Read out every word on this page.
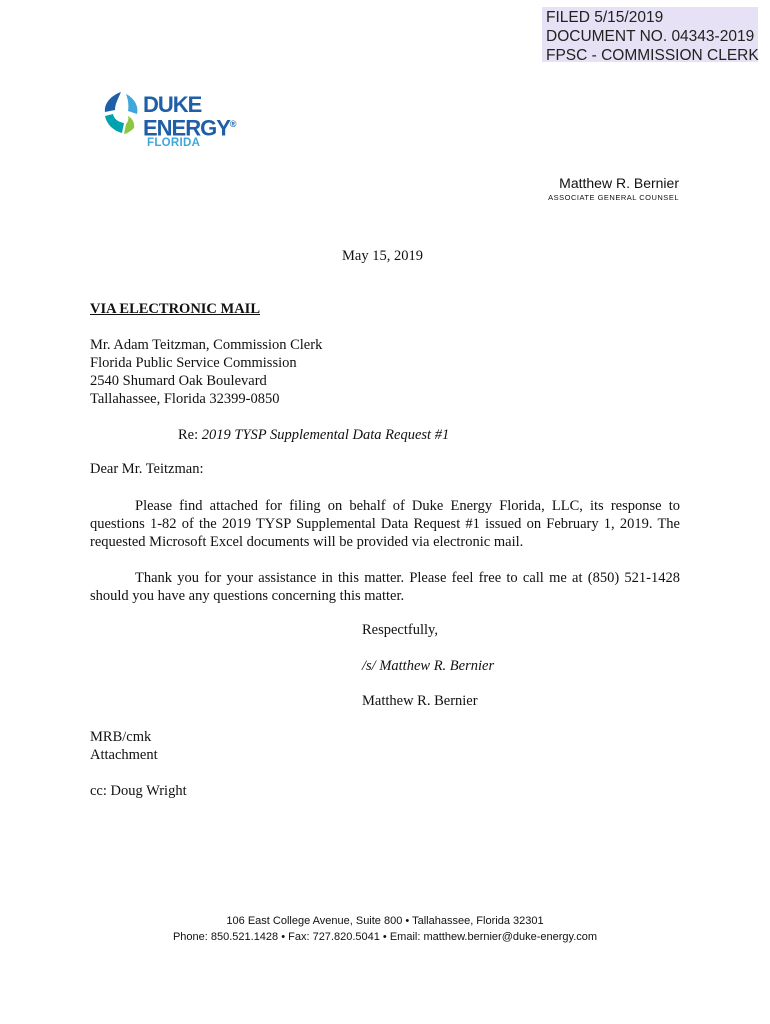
FILED 5/15/2019
DOCUMENT NO. 04343-2019
FPSC - COMMISSION CLERK
DUKE
ENERGY®
FLORIDA
Matthew R. Bernier
ASSOCIATE GENERAL COUNSEL
May 15, 2019
VIA ELECTRONIC MAIL
Mr. Adam Teitzman, Commission Clerk
Florida Public Service Commission
2540 Shumard Oak Boulevard
Tallahassee, Florida 32399-0850
Re: 2019 TYSP Supplemental Data Request #1
Dear Mr. Teitzman:

Please find attached for filing on behalf of Duke Energy Florida, LLC, its response to questions 1-82 of the 2019 TYSP Supplemental Data Request #1 issued on February 1, 2019. The requested Microsoft Excel documents will be provided via electronic mail.

Thank you for your assistance in this matter. Please feel free to call me at (850) 521-1428 should you have any questions concerning this matter.

Respectfully,
/s/ Matthew R. Bernier
Matthew R. Bernier
MRB/cmk
Attachment
cc: Doug Wright
106 East College Avenue, Suite 800 • Tallahassee, Florida 32301
Phone: 850.521.1428 • Fax: 727.820.5041 • Email: matthew.bernier@duke-energy.com
